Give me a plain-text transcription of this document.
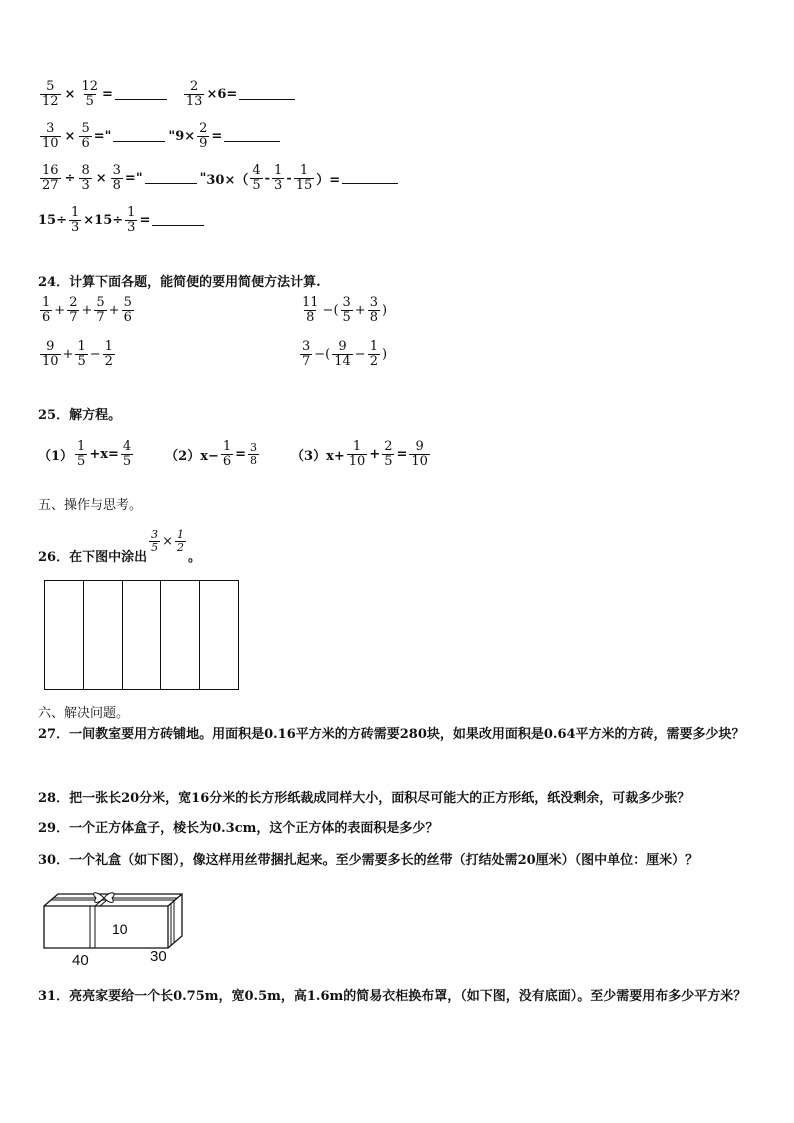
$\frac{5}{12} \times \frac{12}{5}$ =	$\frac{2}{13} \times 6=$
$\frac{3}{10} \times \frac{5}{6}$ ="	" $9\times \frac{2}{9}$ =
$\frac{16}{27} \div \frac{8}{3} \times \frac{3}{8}$ ="	" $30\times( \frac{4}{5} - \frac{1}{3} - \frac{1}{15}$ ）=
$15\div \frac{1}{3} \times 15\div \frac{1}{3}$ =
24．计算下面各题，能简便的要用简便方法计算.
$\frac{1}{6} + \frac{2}{7} + \frac{5}{7} + \frac{5}{6}$	$\frac{11}{8}$ −( $\frac{3}{5} + \frac{3}{8}$ )
$\frac{9}{10} + \frac{1}{5} - \frac{1}{2}$	$\frac{3}{7}$ −( $\frac{9}{14} - \frac{1}{2}$ )
25．解方程。
$(1) \frac{1}{5} +x= \frac{4}{5} (2)x- \frac{1}{6} = \frac{3}{8} (3)x+ \frac{1}{10} + \frac{2}{5} = \frac{9}{10}$
五、操作与思考。
26．在下图中涂出
$\frac{3}{5} \times \frac{1}{2}$
。
六、解决问题。
27．一间教室要用方砖铺地。用面积是0.16平方米的方砖需要280块，如果改用面积是0.64平方米的方砖，需要多少块？
28．把一张长20分米，宽16分米的长方形纸裁成同样大小，面积尽可能大的正方形纸，纸没剩余，可裁多少张？
29．一个正方体盒子，棱长为0.3cm，这个正方体的表面积是多少？
30．一个礼盒（如下图），像这样用丝带捆扎起来。至少需要多长的丝带（打结处需20厘米）（图中单位：厘米）？
10
40	30
31．亮亮家要给一个长0.75m，宽0.5m，高1.6m的简易衣柜换布罩，（如下图，没有底面）。至少需要用布多少平方米？
